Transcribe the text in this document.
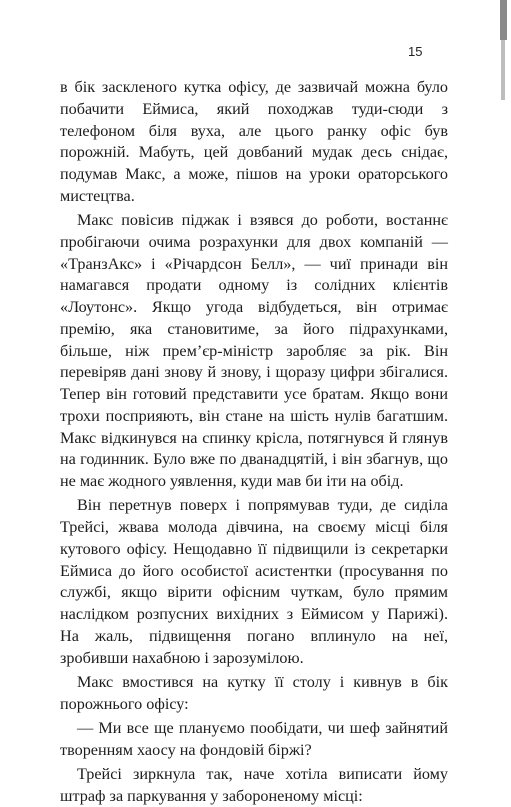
15

в бік заскленого кутка офісу, де зазвичай можна було побачити Еймиса, який походжав туди-сюди з телефоном біля вуха, але цього ранку офіс був порожній. Мабуть, цей довбаний мудак десь снідає, подумав Макс, а може, пішов на уроки ораторського мистецтва.

Макс повісив піджак і взявся до роботи, востаннє пробігаючи очима розрахунки для двох компаній — «ТранзАкс» і «Річардсон Белл», — чиї принади він намагався продати одному із солідних клієнтів «Лоутонс». Якщо угода відбудеться, він отримає премію, яка становитиме, за його підрахунками, більше, ніж прем’єр-міністр заробляє за рік. Він перевіряв дані знову й знову, і щоразу цифри збігалися. Тепер він готовий представити усе братам. Якщо вони трохи посприяють, він стане на шість нулів багатшим. Макс відкинувся на спинку крісла, потягнувся й глянув на годинник. Було вже по дванадцятій, і він збагнув, що не має жодного уявлення, куди мав би іти на обід.

Він перетнув поверх і попрямував туди, де сиділа Трейсі, жвава молода дівчина, на своєму місці біля кутового офісу. Нещодавно її підвищили із секретарки Еймиса до його особистої асистентки (просування по службі, якщо вірити офісним чуткам, було прямим наслідком розпусних вихідних з Еймисом у Парижі). На жаль, підвищення погано вплинуло на неї, зробивши нахабною і зарозумілою.

Макс вмостився на кутку її столу і кивнув в бік порожнього офісу:

— Ми все ще плануємо пообідати, чи шеф зайнятий творенням хаосу на фондовій біржі?

Трейсі зиркнула так, наче хотіла виписати йому штраф за паркування у забороненому місці:
